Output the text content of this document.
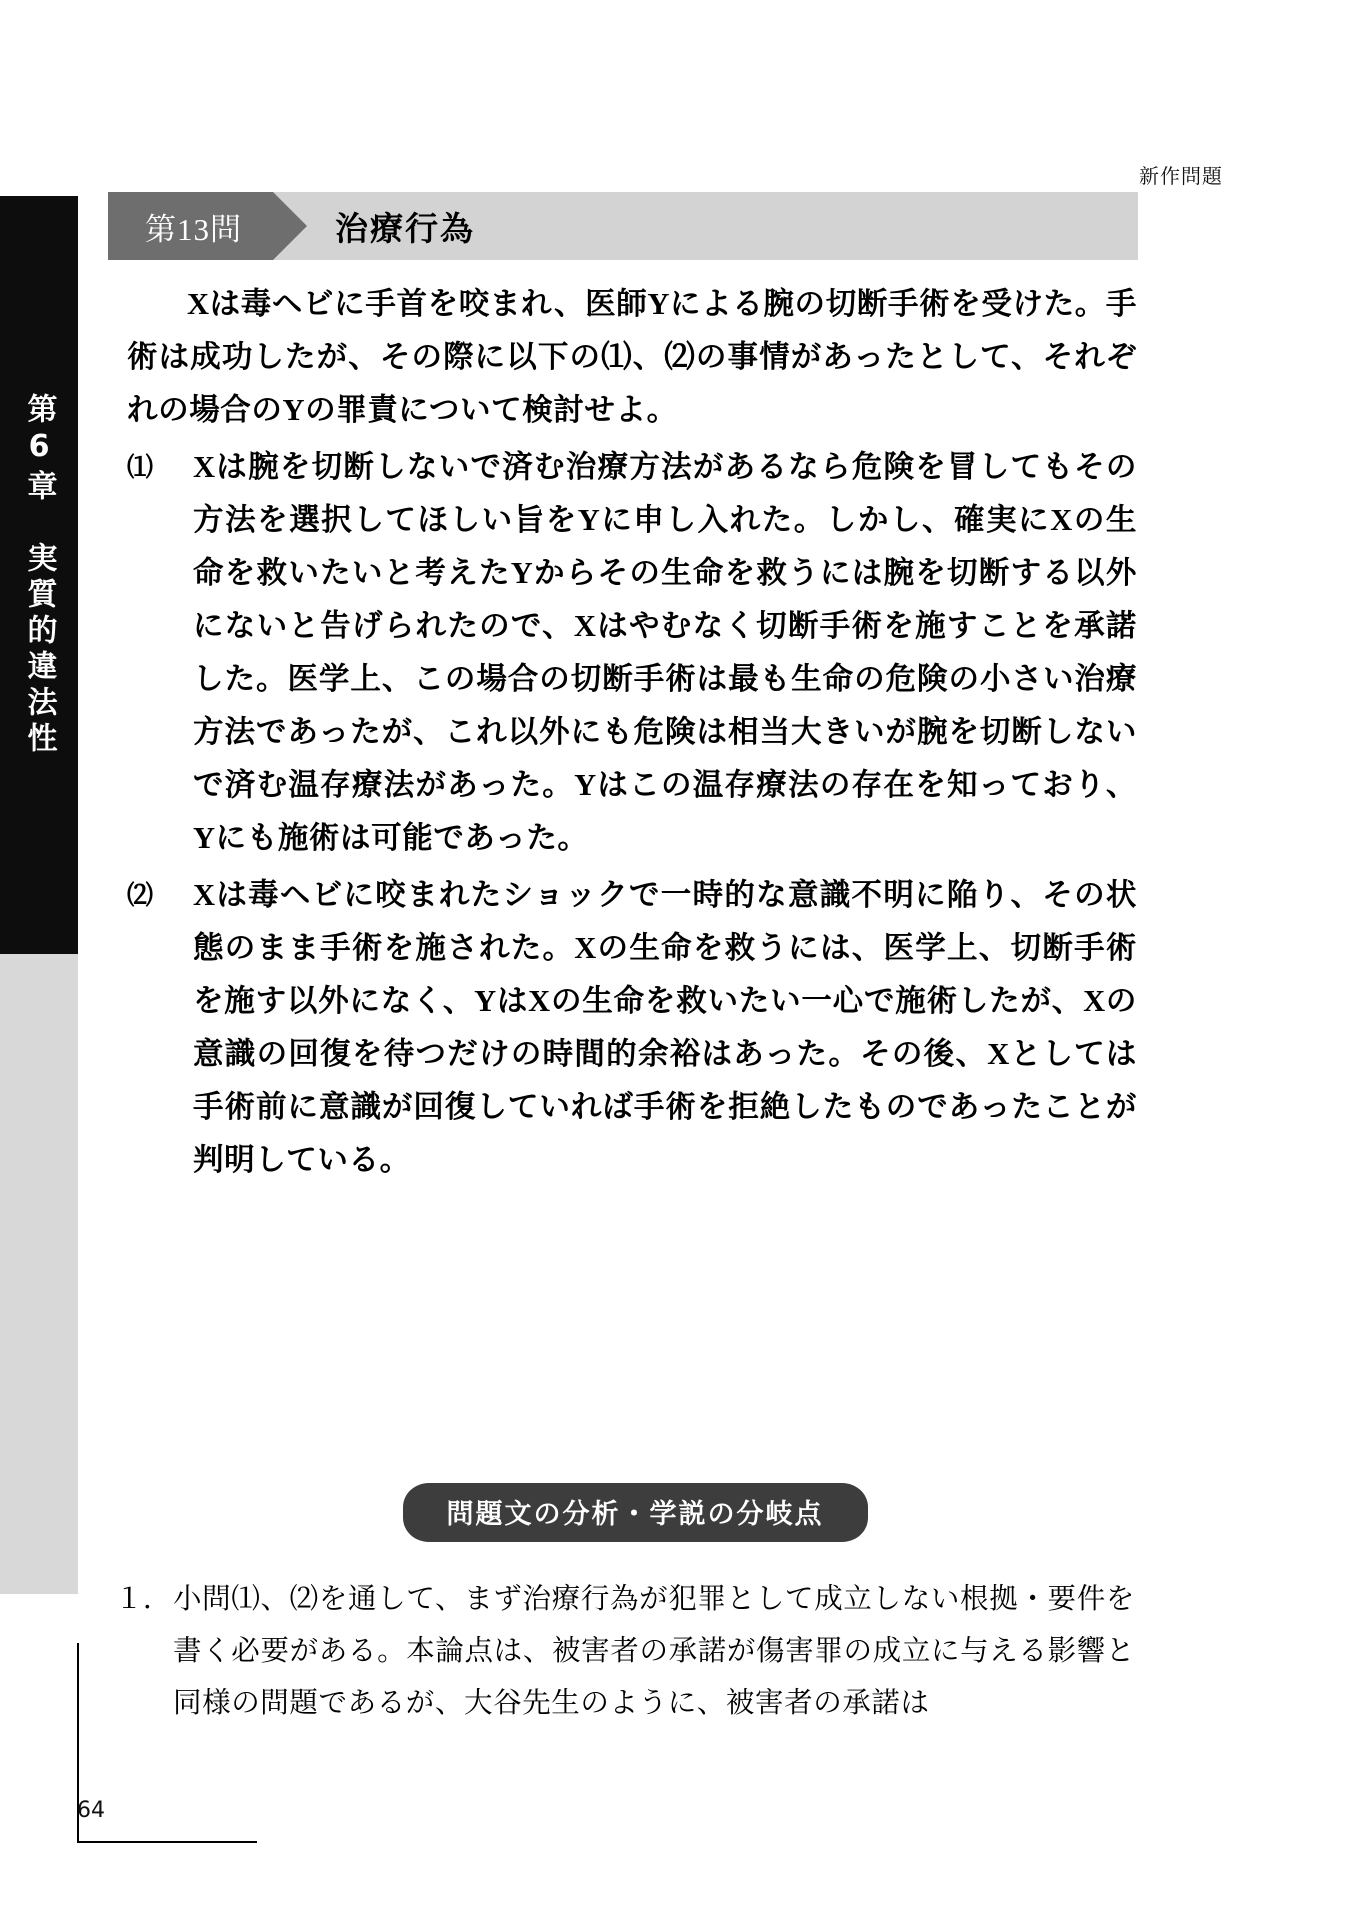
第6章　実質的違法性
新作問題
第13問	治療行為

Xは毒ヘビに手首を咬まれ、医師Yによる腕の切断手術を受けた。手術は成功したが、その際に以下の⑴、⑵の事情があったとして、それぞれの場合のYの罪責について検討せよ。

⑴	Xは腕を切断しないで済む治療方法があるなら危険を冒してもその方法を選択してほしい旨をYに申し入れた。しかし、確実にXの生命を救いたいと考えたYからその生命を救うには腕を切断する以外にないと告げられたので、Xはやむなく切断手術を施すことを承諾した。医学上、この場合の切断手術は最も生命の危険の小さい治療方法であったが、これ以外にも危険は相当大きいが腕を切断しないで済む温存療法があった。Yはこの温存療法の存在を知っており、Yにも施術は可能であった。
⑵	Xは毒ヘビに咬まれたショックで一時的な意識不明に陥り、その状態のまま手術を施された。Xの生命を救うには、医学上、切断手術を施す以外になく、YはXの生命を救いたい一心で施術したが、Xの意識の回復を待つだけの時間的余裕はあった。その後、Xとしては手術前に意識が回復していれば手術を拒絶したものであったことが判明している。
問題文の分析・学説の分岐点
１． 小問⑴、⑵を通して、まず治療行為が犯罪として成立しない根拠・要件を書く必要がある。本論点は、被害者の承諾が傷害罪の成立に与える影響と同様の問題であるが、大谷先生のように、被害者の承諾は
64
